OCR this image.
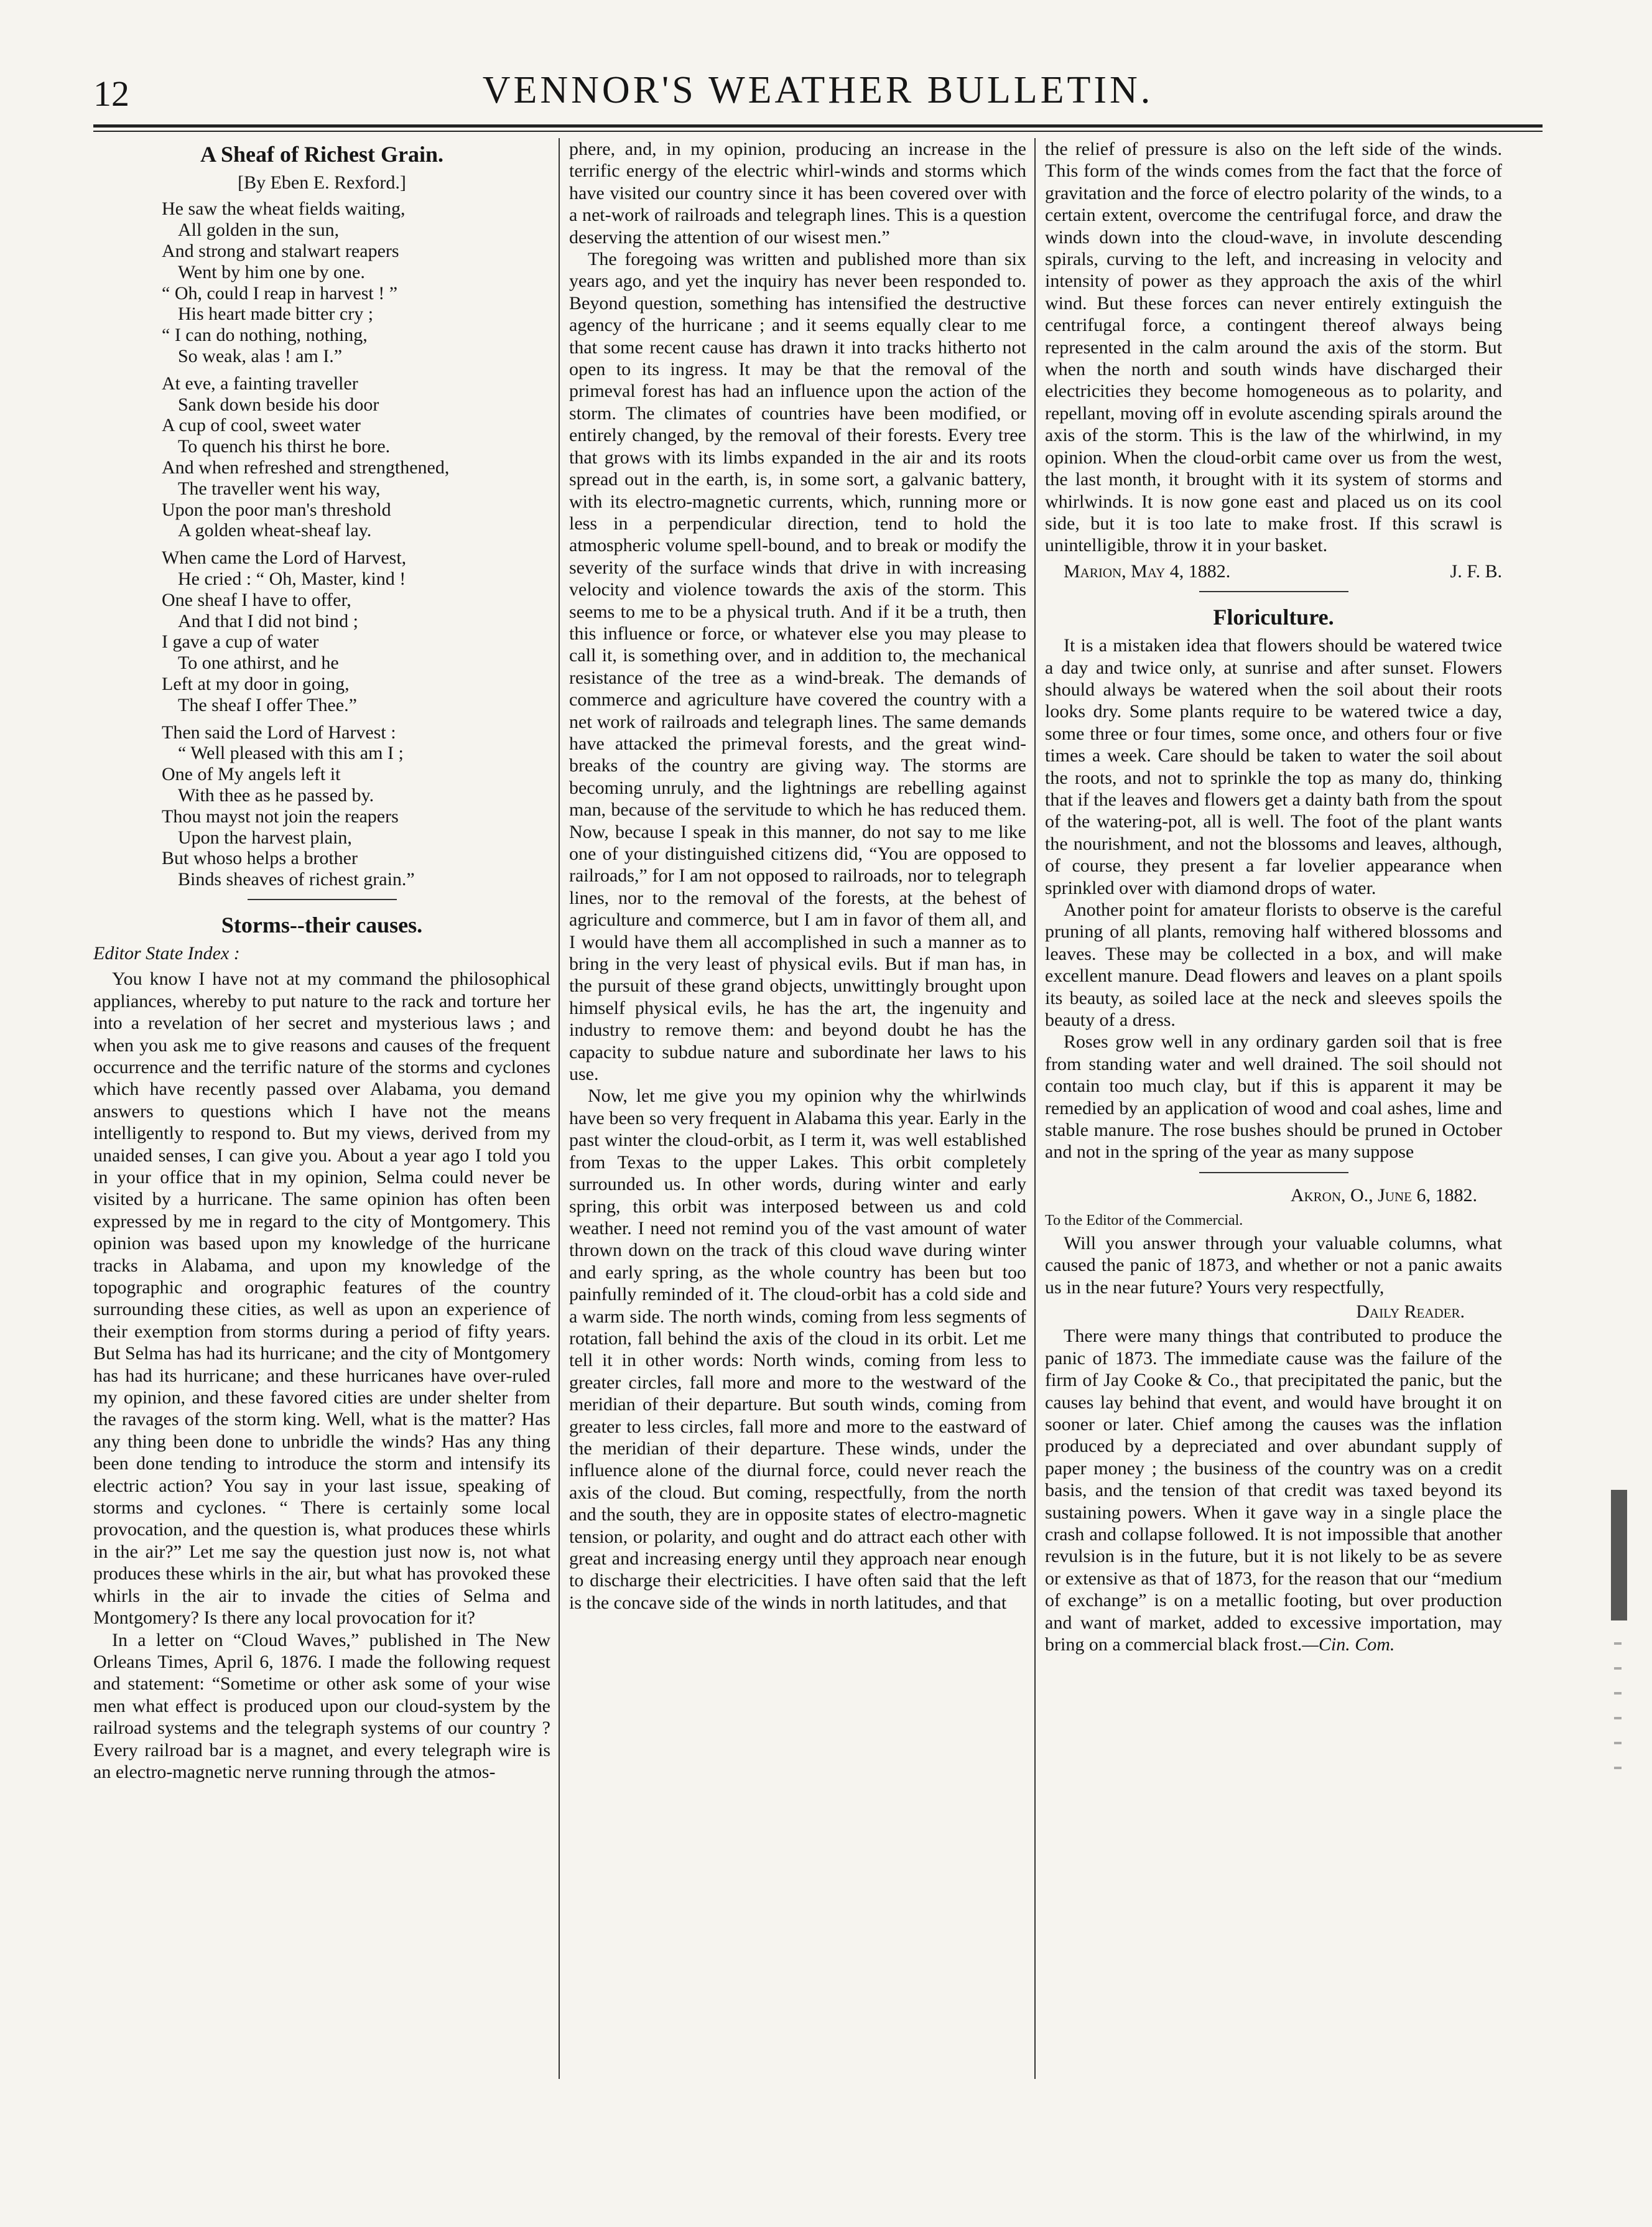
12	VENNOR'S WEATHER BULLETIN.
A Sheaf of Richest Grain.
[By Eben E. Rexford.]
He saw the wheat fields waiting,
All golden in the sun,
And strong and stalwart reapers
Went by him one by one.
“ Oh, could I reap in harvest ! ”
His heart made bitter cry ;
“ I can do nothing, nothing,
So weak, alas ! am I.”
At eve, a fainting traveller
Sank down beside his door
A cup of cool, sweet water
To quench his thirst he bore.
And when refreshed and strengthened,
The traveller went his way,
Upon the poor man's threshold
A golden wheat-sheaf lay.
When came the Lord of Harvest,
He cried : “ Oh, Master, kind !
One sheaf I have to offer,
And that I did not bind ;
I gave a cup of water
To one athirst, and he
Left at my door in going,
The sheaf I offer Thee.”
Then said the Lord of Harvest :
“ Well pleased with this am I ;
One of My angels left it
With thee as he passed by.
Thou mayst not join the reapers
Upon the harvest plain,
But whoso helps a brother
Binds sheaves of richest grain.”
Storms--their causes.

Editor State Index :

You know I have not at my command the philosophical appliances, whereby to put nature to the rack and torture her into a revelation of her secret and mysterious laws ; and when you ask me to give reasons and causes of the frequent occurrence and the terrific nature of the storms and cyclones which have recently passed over Alabama, you demand answers to questions which I have not the means intelligently to respond to. But my views, derived from my unaided senses, I can give you. About a year ago I told you in your office that in my opinion, Selma could never be visited by a hurricane. The same opinion has often been expressed by me in regard to the city of Montgomery. This opinion was based upon my knowledge of the hurricane tracks in Alabama, and upon my knowledge of the topographic and orographic features of the country surrounding these cities, as well as upon an experience of their exemption from storms during a period of fifty years. But Selma has had its hurricane; and the city of Montgomery has had its hurricane; and these hurricanes have over-ruled my opinion, and these favored cities are under shelter from the ravages of the storm king. Well, what is the matter? Has any thing been done to unbridle the winds? Has any thing been done tending to introduce the storm and intensify its electric action? You say in your last issue, speaking of storms and cyclones. “ There is certainly some local provocation, and the question is, what produces these whirls in the air?” Let me say the question just now is, not what produces these whirls in the air, but what has provoked these whirls in the air to invade the cities of Selma and Montgomery? Is there any local provocation for it?

In a letter on “Cloud Waves,” published in The New Orleans Times, April 6, 1876. I made the following request and statement: “Sometime or other ask some of your wise men what effect is produced upon our cloud-system by the railroad systems and the telegraph systems of our country ? Every railroad bar is a magnet, and every telegraph wire is an electro-magnetic nerve running through the atmos-

phere, and, in my opinion, producing an increase in the terrific energy of the electric whirl-winds and storms which have visited our country since it has been covered over with a net-work of railroads and telegraph lines. This is a question deserving the attention of our wisest men.”

The foregoing was written and published more than six years ago, and yet the inquiry has never been responded to. Beyond question, something has intensified the destructive agency of the hurricane ; and it seems equally clear to me that some recent cause has drawn it into tracks hitherto not open to its ingress. It may be that the removal of the primeval forest has had an influence upon the action of the storm. The climates of countries have been modified, or entirely changed, by the removal of their forests. Every tree that grows with its limbs expanded in the air and its roots spread out in the earth, is, in some sort, a galvanic battery, with its electro-magnetic currents, which, running more or less in a perpendicular direction, tend to hold the atmospheric volume spell-bound, and to break or modify the severity of the surface winds that drive in with increasing velocity and violence towards the axis of the storm. This seems to me to be a physical truth. And if it be a truth, then this influence or force, or whatever else you may please to call it, is something over, and in addition to, the mechanical resistance of the tree as a wind-break. The demands of commerce and agriculture have covered the country with a net work of railroads and telegraph lines. The same demands have attacked the primeval forests, and the great wind-breaks of the country are giving way. The storms are becoming unruly, and the lightnings are rebelling against man, because of the servitude to which he has reduced them. Now, because I speak in this manner, do not say to me like one of your distinguished citizens did, “You are opposed to railroads,” for I am not opposed to railroads, nor to telegraph lines, nor to the removal of the forests, at the behest of agriculture and commerce, but I am in favor of them all, and I would have them all accomplished in such a manner as to bring in the very least of physical evils. But if man has, in the pursuit of these grand objects, unwittingly brought upon himself physical evils, he has the art, the ingenuity and industry to remove them: and beyond doubt he has the capacity to subdue nature and subordinate her laws to his use.

Now, let me give you my opinion why the whirlwinds have been so very frequent in Alabama this year. Early in the past winter the cloud-orbit, as I term it, was well established from Texas to the upper Lakes. This orbit completely surrounded us. In other words, during winter and early spring, this orbit was interposed between us and cold weather. I need not remind you of the vast amount of water thrown down on the track of this cloud wave during winter and early spring, as the whole country has been but too painfully reminded of it. The cloud-orbit has a cold side and a warm side. The north winds, coming from less segments of rotation, fall behind the axis of the cloud in its orbit. Let me tell it in other words: North winds, coming from less to greater circles, fall more and more to the westward of the meridian of their departure. But south winds, coming from greater to less circles, fall more and more to the eastward of the meridian of their departure. These winds, under the influence alone of the diurnal force, could never reach the axis of the cloud. But coming, respectfully, from the north and the south, they are in opposite states of electro-magnetic tension, or polarity, and ought and do attract each other with great and increasing energy until they approach near enough to discharge their electricities. I have often said that the left is the concave side of the winds in north latitudes, and that

the relief of pressure is also on the left side of the winds. This form of the winds comes from the fact that the force of gravitation and the force of electro polarity of the winds, to a certain extent, overcome the centrifugal force, and draw the winds down into the cloud-wave, in involute descending spirals, curving to the left, and increasing in velocity and intensity of power as they approach the axis of the whirl wind. But these forces can never entirely extinguish the centrifugal force, a contingent thereof always being represented in the calm around the axis of the storm. But when the north and south winds have discharged their electricities they become homogeneous as to polarity, and repellant, moving off in evolute ascending spirals around the axis of the storm. This is the law of the whirlwind, in my opinion. When the cloud-orbit came over us from the west, the last month, it brought with it its system of storms and whirlwinds. It is now gone east and placed us on its cool side, but it is too late to make frost. If this scrawl is unintelligible, throw it in your basket.

Marion, May 4, 1882.	J. F. B.
Floriculture.

It is a mistaken idea that flowers should be watered twice a day and twice only, at sunrise and after sunset. Flowers should always be watered when the soil about their roots looks dry. Some plants require to be watered twice a day, some three or four times, some once, and others four or five times a week. Care should be taken to water the soil about the roots, and not to sprinkle the top as many do, thinking that if the leaves and flowers get a dainty bath from the spout of the watering-pot, all is well. The foot of the plant wants the nourishment, and not the blossoms and leaves, although, of course, they present a far lovelier appearance when sprinkled over with diamond drops of water.

Another point for amateur florists to observe is the careful pruning of all plants, removing half withered blossoms and leaves. These may be collected in a box, and will make excellent manure. Dead flowers and leaves on a plant spoils its beauty, as soiled lace at the neck and sleeves spoils the beauty of a dress.

Roses grow well in any ordinary garden soil that is free from standing water and well drained. The soil should not contain too much clay, but if this is apparent it may be remedied by an application of wood and coal ashes, lime and stable manure. The rose bushes should be pruned in October and not in the spring of the year as many suppose

Akron, O., June 6, 1882.

To the Editor of the Commercial.

Will you answer through your valuable columns, what caused the panic of 1873, and whether or not a panic awaits us in the near future? Yours very respectfully,

Daily Reader.

There were many things that contributed to produce the panic of 1873. The immediate cause was the failure of the firm of Jay Cooke & Co., that precipitated the panic, but the causes lay behind that event, and would have brought it on sooner or later. Chief among the causes was the inflation produced by a depreciated and over abundant supply of paper money ; the business of the country was on a credit basis, and the tension of that credit was taxed beyond its sustaining powers. When it gave way in a single place the crash and collapse followed. It is not impossible that another revulsion is in the future, but it is not likely to be as severe or extensive as that of 1873, for the reason that our “medium of exchange” is on a metallic footing, but over production and want of market, added to excessive importation, may bring on a commercial black frost.—Cin. Com.
